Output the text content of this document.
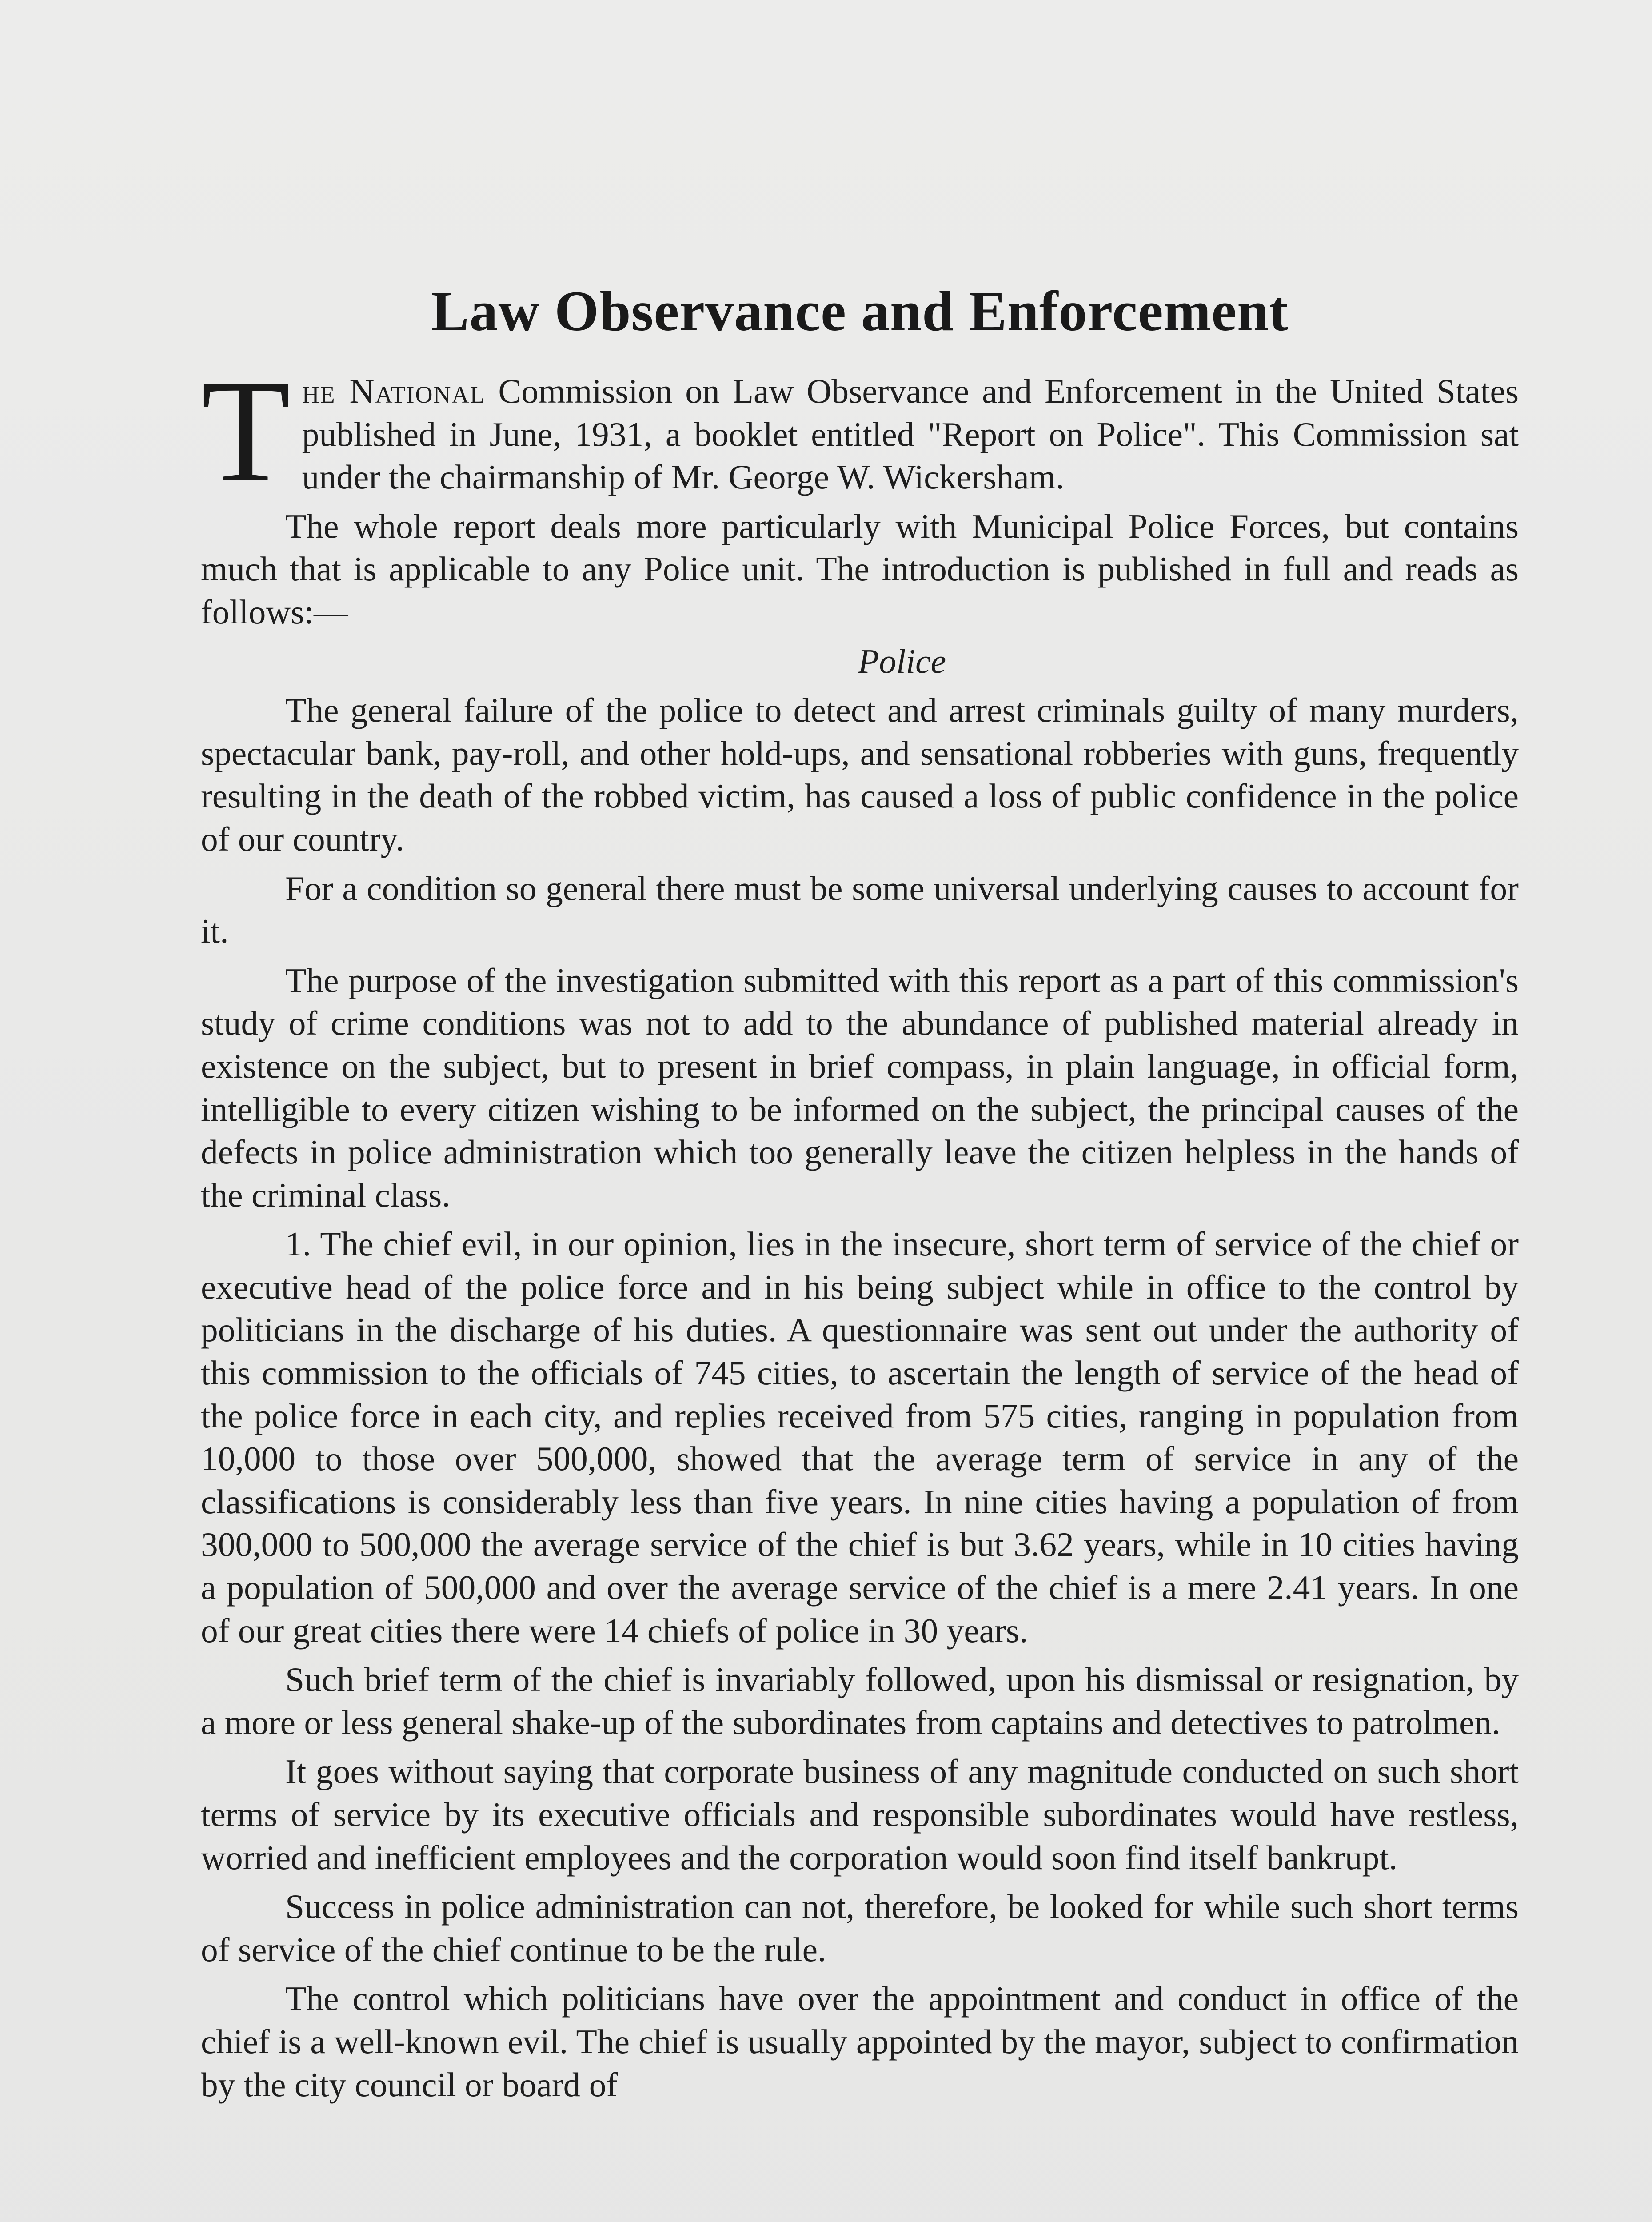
Law Observance and Enforcement

The National Commission on Law Observance and Enforcement in the United States published in June, 1931, a booklet entitled "Report on Police". This Commission sat under the chairmanship of Mr. George W. Wickersham.

The whole report deals more particularly with Municipal Police Forces, but contains much that is applicable to any Police unit. The introduction is published in full and reads as follows:—

Police

The general failure of the police to detect and arrest criminals guilty of many murders, spectacular bank, pay-roll, and other hold-ups, and sensational robberies with guns, frequently resulting in the death of the robbed victim, has caused a loss of public confidence in the police of our country.

For a condition so general there must be some universal underlying causes to account for it.

The purpose of the investigation submitted with this report as a part of this commission's study of crime conditions was not to add to the abundance of published material already in existence on the subject, but to present in brief compass, in plain language, in official form, intelligible to every citizen wishing to be informed on the subject, the principal causes of the defects in police administration which too generally leave the citizen helpless in the hands of the criminal class.

1. The chief evil, in our opinion, lies in the insecure, short term of service of the chief or executive head of the police force and in his being subject while in office to the control by politicians in the discharge of his duties. A questionnaire was sent out under the authority of this commission to the officials of 745 cities, to ascertain the length of service of the head of the police force in each city, and replies received from 575 cities, ranging in population from 10,000 to those over 500,000, showed that the average term of service in any of the classifications is considerably less than five years. In nine cities having a population of from 300,000 to 500,000 the average service of the chief is but 3.62 years, while in 10 cities having a population of 500,000 and over the average service of the chief is a mere 2.41 years. In one of our great cities there were 14 chiefs of police in 30 years.

Such brief term of the chief is invariably followed, upon his dismissal or resignation, by a more or less general shake-up of the subordinates from captains and detectives to patrolmen.

It goes without saying that corporate business of any magnitude conducted on such short terms of service by its executive officials and responsible subordinates would have restless, worried and inefficient employees and the corporation would soon find itself bankrupt.

Success in police administration can not, therefore, be looked for while such short terms of service of the chief continue to be the rule.

The control which politicians have over the appointment and conduct in office of the chief is a well-known evil. The chief is usually appointed by the mayor, subject to confirmation by the city council or board of
